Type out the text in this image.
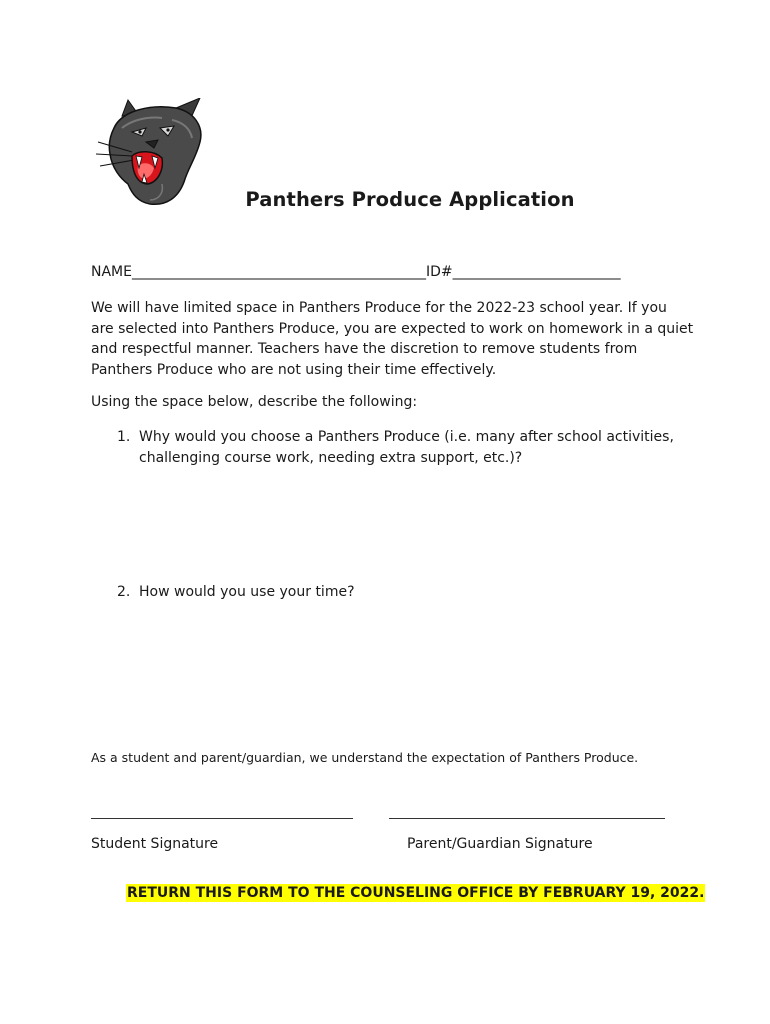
Panthers Produce Application
NAME__________________________________________ID#________________________
We will have limited space in Panthers Produce for the 2022-23 school year. If you
are selected into Panthers Produce, you are expected to work on homework in a quiet
and respectful manner. Teachers have the discretion to remove students from
Panthers Produce who are not using their time effectively.
Using the space below, describe the following:
1. Why would you choose a Panthers Produce (i.e. many after school activities,
challenging course work, needing extra support, etc.)?
2. How would you use your time?
As a student and parent/guardian, we understand the expectation of Panthers Produce.
Student Signature	Parent/Guardian Signature
RETURN THIS FORM TO THE COUNSELING OFFICE BY FEBRUARY 19, 2022.
